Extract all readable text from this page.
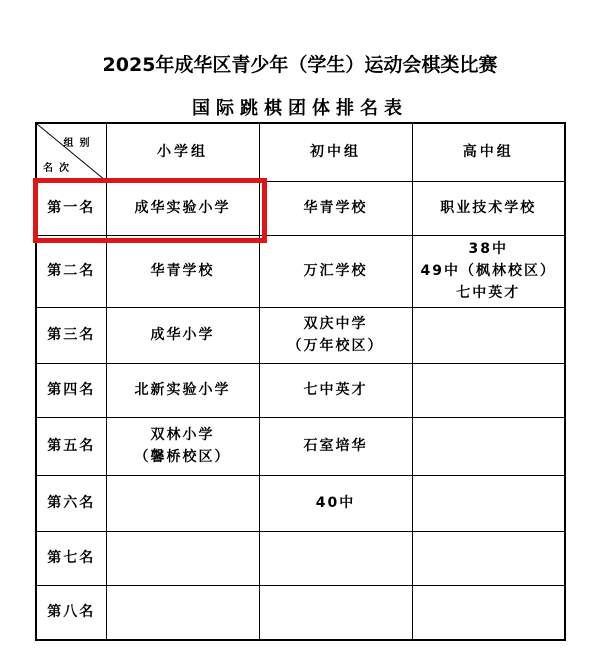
2025年成华区青少年（学生）运动会棋类比赛
国际跳棋团体排名表
组别
名次	小学组	初中组	高中组
第一名	成华实验小学	华青学校	职业技术学校

第二名	华青学校	万汇学校	38中
49中（枫林校区）
七中英才

第三名	成华小学	双庆中学
（万年校区）	

第四名	北新实验小学	七中英才	

第五名	双林小学
（馨桥校区）	石室培华	

第六名		40中	

第七名			
第八名			
